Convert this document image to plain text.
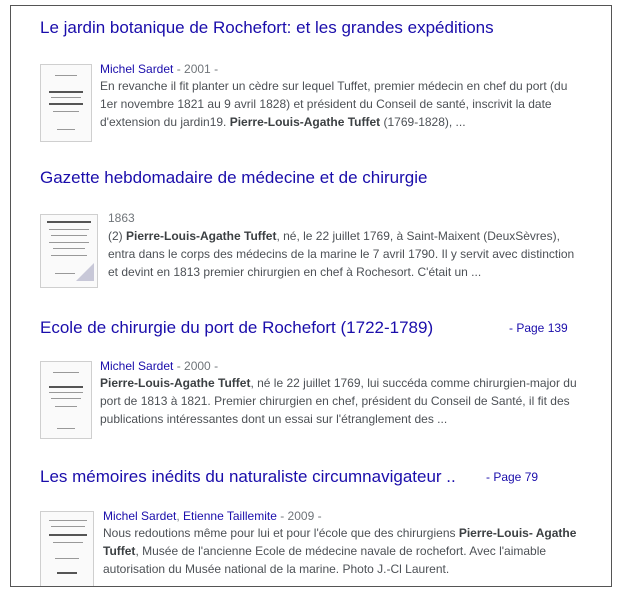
Le jardin botanique de Rochefort: et les grandes expéditions
Michel Sardet - 2001 -
En revanche il fit planter un cèdre sur lequel Tuffet, premier médecin en chef du port (du
1er novembre 1821 au 9 avril 1828) et président du Conseil de santé, inscrivit la date
d'extension du jardin19. Pierre-Louis-Agathe Tuffet (1769-1828), ...
Gazette hebdomadaire de médecine et de chirurgie
1863
(2) Pierre-Louis-Agathe Tuffet, né, le 22 juillet 1769, à Saint-Maixent (DeuxSèvres),
entra dans le corps des médecins de la marine le 7 avril 1790. Il y servit avec distinction
et devint en 1813 premier chirurgien en chef à Rochesort. C'était un ...
Ecole de chirurgie du port de Rochefort (1722-1789)	- Page 139
Michel Sardet - 2000 -
Pierre-Louis-Agathe Tuffet, né le 22 juillet 1769, lui succéda comme chirurgien-major du
port de 1813 à 1821. Premier chirurgien en chef, président du Conseil de Santé, il fit des
publications intéressantes dont un essai sur l'étranglement des ...
Les mémoires inédits du naturaliste circumnavigateur ..	- Page 79
Michel Sardet, Etienne Taillemite - 2009 -
Nous redoutions même pour lui et pour l'école que des chirurgiens Pierre-Louis- Agathe
Tuffet, Musée de l'ancienne Ecole de médecine navale de rochefort. Avec l'aimable
autorisation du Musée national de la marine. Photo J.-Cl Laurent.
